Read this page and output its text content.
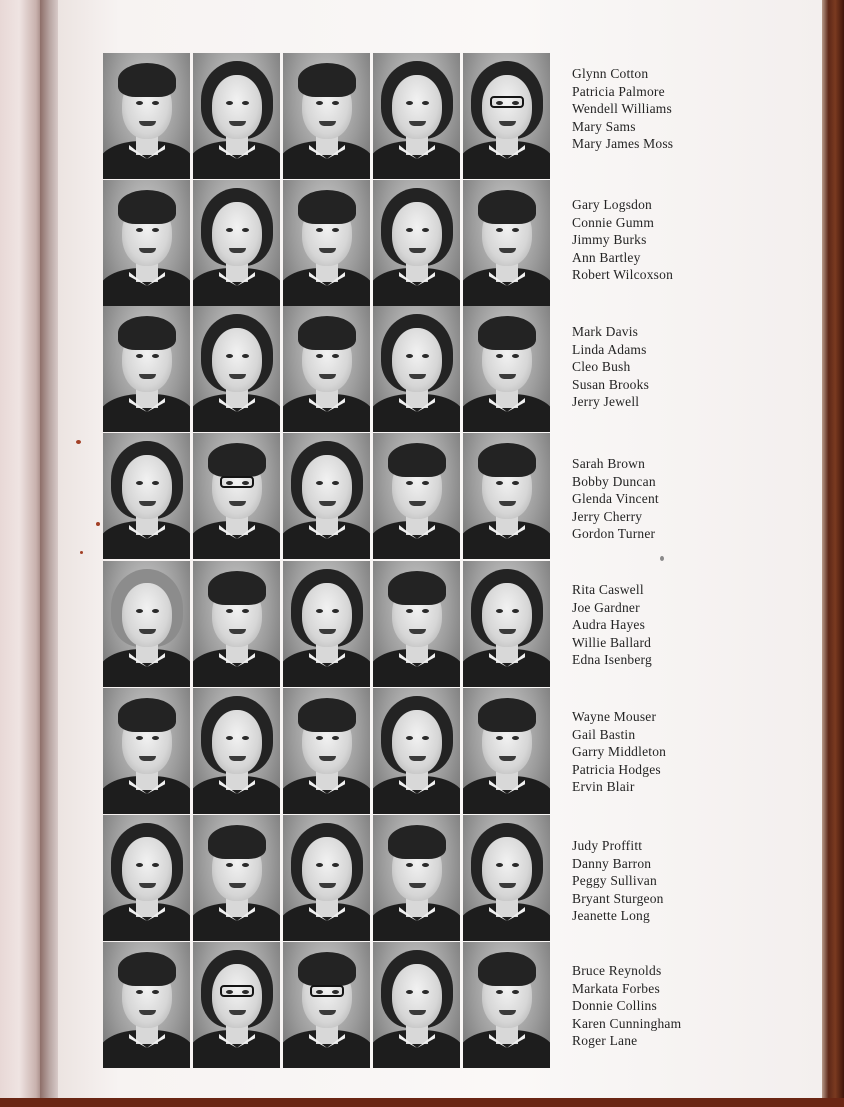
Glynn Cotton
Patricia Palmore
Wendell Williams
Mary Sams
Mary James Moss
Gary Logsdon
Connie Gumm
Jimmy Burks
Ann Bartley
Robert Wilcoxson
Mark Davis
Linda Adams
Cleo Bush
Susan Brooks
Jerry Jewell
Sarah Brown
Bobby Duncan
Glenda Vincent
Jerry Cherry
Gordon Turner
Rita Caswell
Joe Gardner
Audra Hayes
Willie Ballard
Edna Isenberg
Wayne Mouser
Gail Bastin
Garry Middleton
Patricia Hodges
Ervin Blair
Judy Proffitt
Danny Barron
Peggy Sullivan
Bryant Sturgeon
Jeanette Long
Bruce Reynolds
Markata Forbes
Donnie Collins
Karen Cunningham
Roger Lane
